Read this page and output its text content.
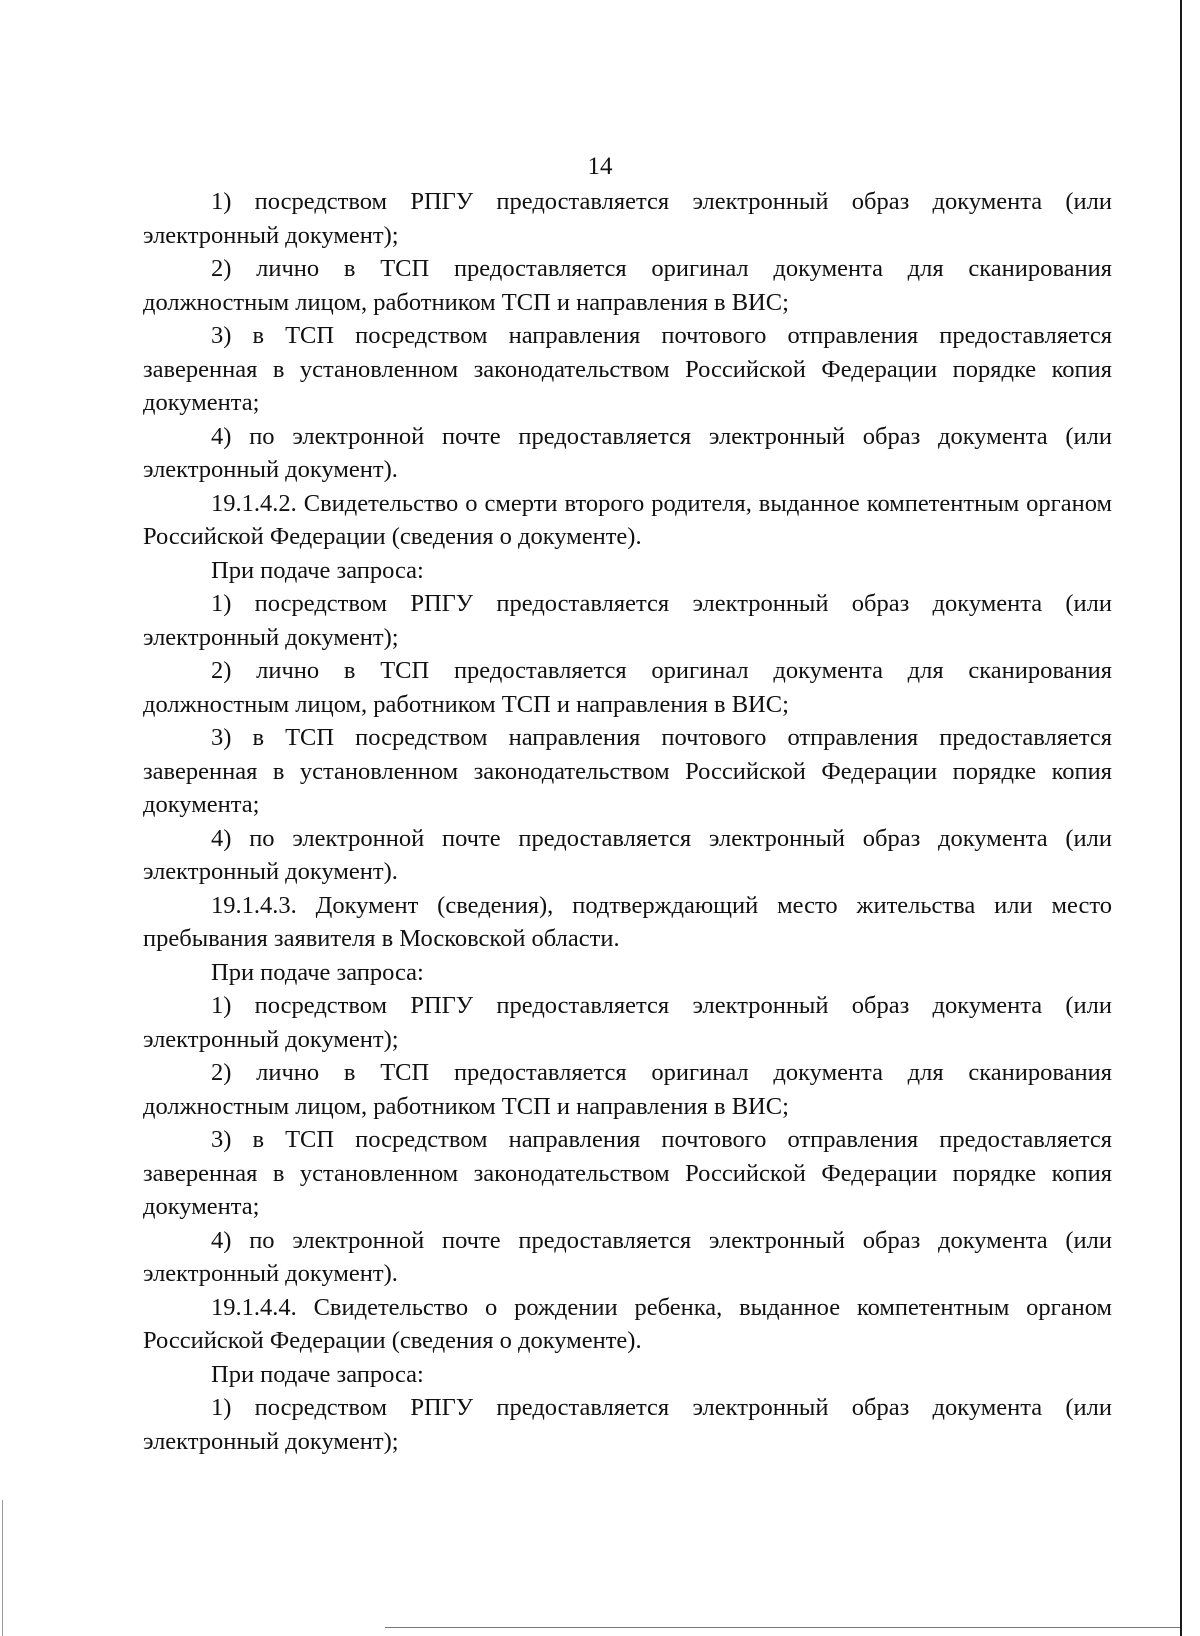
14

1) посредством РПГУ предоставляется электронный образ документа (или электронный документ);

2) лично в ТСП предоставляется оригинал документа для сканирования должностным лицом, работником ТСП и направления в ВИС;

3) в ТСП посредством направления почтового отправления предоставляется заверенная в установленном законодательством Российской Федерации порядке копия документа;

4) по электронной почте предоставляется электронный образ документа (или электронный документ).

19.1.4.2. Свидетельство о смерти второго родителя, выданное компетентным органом Российской Федерации (сведения о документе).

При подаче запроса:

1) посредством РПГУ предоставляется электронный образ документа (или электронный документ);

2) лично в ТСП предоставляется оригинал документа для сканирования должностным лицом, работником ТСП и направления в ВИС;

3) в ТСП посредством направления почтового отправления предоставляется заверенная в установленном законодательством Российской Федерации порядке копия документа;

4) по электронной почте предоставляется электронный образ документа (или электронный документ).

19.1.4.3. Документ (сведения), подтверждающий место жительства или место пребывания заявителя в Московской области.

При подаче запроса:

1) посредством РПГУ предоставляется электронный образ документа (или электронный документ);

2) лично в ТСП предоставляется оригинал документа для сканирования должностным лицом, работником ТСП и направления в ВИС;

3) в ТСП посредством направления почтового отправления предоставляется заверенная в установленном законодательством Российской Федерации порядке копия документа;

4) по электронной почте предоставляется электронный образ документа (или электронный документ).

19.1.4.4. Свидетельство о рождении ребенка, выданное компетентным органом Российской Федерации (сведения о документе).

При подаче запроса:

1) посредством РПГУ предоставляется электронный образ документа (или электронный документ);
